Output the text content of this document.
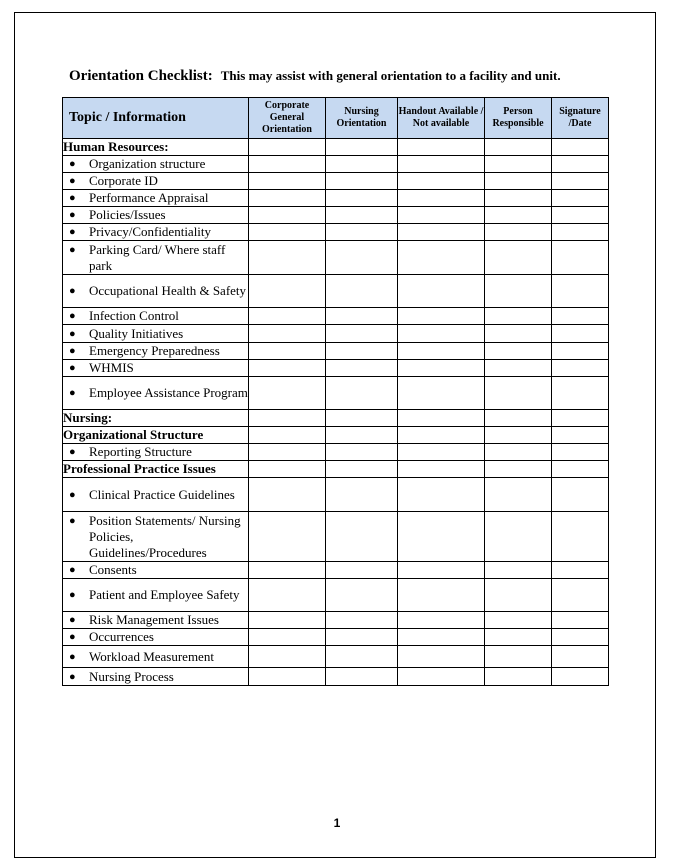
Orientation Checklist: This may assist with general orientation to a facility and unit.
Topic / Information	Corporate General Orientation	Nursing Orientation	Handout Available / Not available	Person Responsible	Signature /Date
Human Resources:					

● Organization structure					

● Corporate ID					

● Performance Appraisal					

● Policies/Issues					

● Privacy/Confidentiality					

● Parking Card/ Where staff park					

● Occupational Health & Safety					

● Infection Control					

● Quality Initiatives					

● Emergency Preparedness					

● WHMIS					

● Employee Assistance Program					

Nursing:					
Organizational Structure					

● Reporting Structure					

Professional Practice Issues					

● Clinical Practice Guidelines					

● Position Statements/ Nursing Policies, Guidelines/Procedures					

● Consents					

● Patient and Employee Safety					

● Risk Management Issues					

● Occurrences					

● Workload Measurement					

● Nursing Process					

1
